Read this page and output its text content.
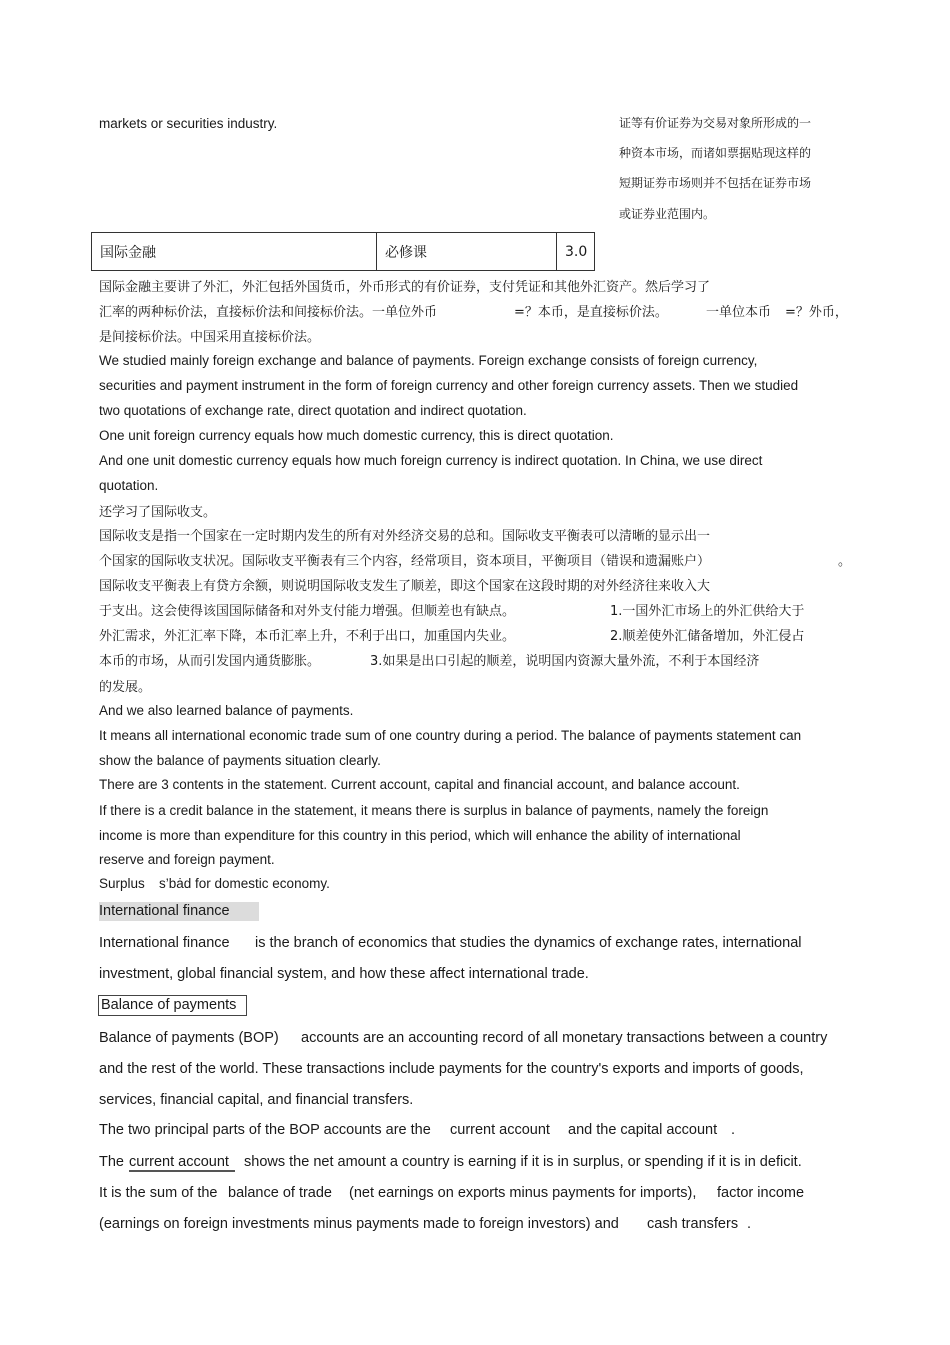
markets or securities industry.	证等有价证券为交易对象所形成的一
种资本市场，而诸如票据贴现这样的
短期证券市场则并不包括在证券市场
或证券业范围内。
国际金融	必修课	3.0
国际金融主要讲了外汇，外汇包括外国货币，外币形式的有价证券，支付凭证和其他外汇资产。然后学习了
汇率的两种标价法，直接标价法和间接标价法。一单位外币	=？本币，是直接标价法。	一单位本币 =？外币，
是间接标价法。中国采用直接标价法。
We studied mainly foreign exchange and balance of payments. Foreign exchange consists of foreign currency,
securities and payment instrument in the form of foreign currency and other foreign currency assets. Then we studied
two quotations of exchange rate, direct quotation and indirect quotation.
One unit foreign currency equals how much domestic currency, this is direct quotation.
And one unit domestic currency equals how much foreign currency is indirect quotation. In China, we use direct
quotation.
还学习了国际收支。
国际收支是指一个国家在一定时期内发生的所有对外经济交易的总和。国际收支平衡表可以清晰的显示出一
个国家的国际收支状况。国际收支平衡表有三个内容，经常项目，资本项目，平衡项目（错误和遗漏账户）	。
国际收支平衡表上有贷方余额，则说明国际收支发生了顺差，即这个国家在这段时期的对外经济往来收入大
于支出。这会使得该国国际储备和对外支付能力增强。但顺差也有缺点。	1.一国外汇市场上的外汇供给大于
外汇需求，外汇汇率下降，本币汇率上升，不利于出口，加重国内失业。	2.顺差使外汇储备增加，外汇侵占
本币的市场，从而引发国内通货膨胀。	3.如果是出口引起的顺差，说明国内资源大量外流，不利于本国经济
的发展。
And we also learned balance of payments.
It means all international economic trade sum of one country during a period. The balance of payments statement can
show the balance of payments situation clearly.
There are 3 contents in the statement. Current account, capital and financial account, and balance account.
If there is a credit balance in the statement, it means there is surplus in balance of payments, namely the foreign
income is more than expenditure for this country in this period, which will enhance the ability of international
reserve and foreign payment.
Surplus s’bȧd for domestic economy.
International finance
International finance is the branch of economics that studies the dynamics of exchange rates, international
investment, global financial system, and how these affect international trade.
Balance of payments
Balance of payments (BOP) accounts are an accounting record of all monetary transactions between a country
and the rest of the world. These transactions include payments for the country's exports and imports of goods,
services, financial capital, and financial transfers.
The two principal parts of the BOP accounts are the current account and the capital account .
The current account	shows the net amount a country is earning if it is in surplus, or spending if it is in deficit.
It is the sum of the balance of trade (net earnings on exports minus payments for imports), factor income
(earnings on foreign investments minus payments made to foreign investors) and cash transfers .
